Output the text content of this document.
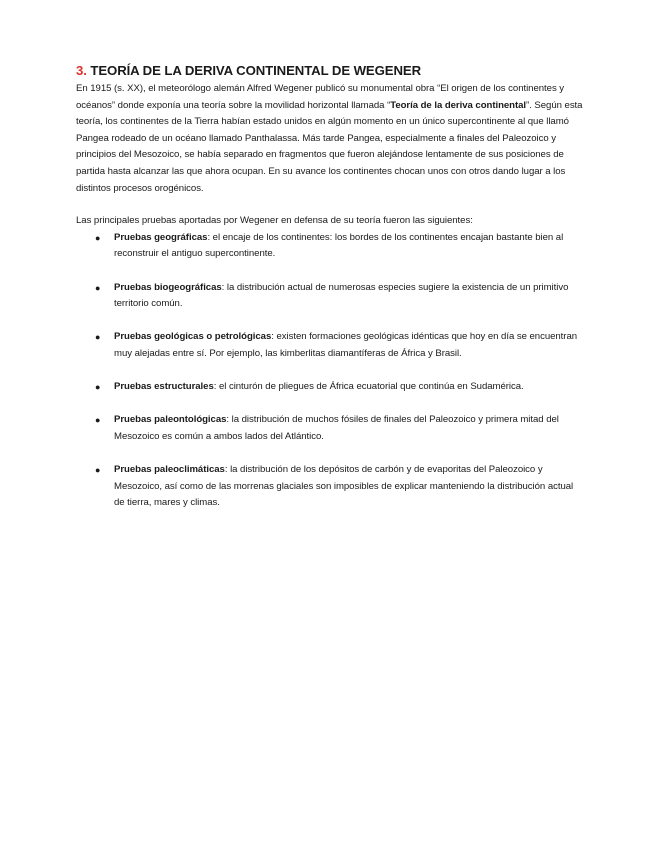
3. TEORÍA DE LA DERIVA CONTINENTAL DE WEGENER

En 1915 (s. XX), el meteorólogo alemán Alfred Wegener publicó su monumental obra “El origen de los continentes y océanos” donde exponía una teoría sobre la movilidad horizontal llamada “Teoría de la deriva continental”. Según esta teoría, los continentes de la Tierra habían estado unidos en algún momento en un único supercontinente al que llamó Pangea rodeado de un océano llamado Panthalassa. Más tarde Pangea, especialmente a finales del Paleozoico y principios del Mesozoico, se había separado en fragmentos que fueron alejándose lentamente de sus posiciones de partida hasta alcanzar las que ahora ocupan. En su avance los continentes chocan unos con otros dando lugar a los distintos procesos orogénicos.

Las principales pruebas aportadas por Wegener en defensa de su teoría fueron las siguientes:

● Pruebas geográficas: el encaje de los continentes: los bordes de los continentes encajan bastante bien al reconstruir el antiguo supercontinente.
● Pruebas biogeográficas: la distribución actual de numerosas especies sugiere la existencia de un primitivo territorio común.
● Pruebas geológicas o petrológicas: existen formaciones geológicas idénticas que hoy en día se encuentran muy alejadas entre sí. Por ejemplo, las kimberlitas diamantíferas de África y Brasil.
● Pruebas estructurales: el cinturón de pliegues de África ecuatorial que continúa en Sudamérica.
● Pruebas paleontológicas: la distribución de muchos fósiles de finales del Paleozoico y primera mitad del Mesozoico es común a ambos lados del Atlántico.
● Pruebas paleoclimáticas: la distribución de los depósitos de carbón y de evaporitas del Paleozoico y Mesozoico, así como de las morrenas glaciales son imposibles de explicar manteniendo la distribución actual de tierra, mares y climas.
